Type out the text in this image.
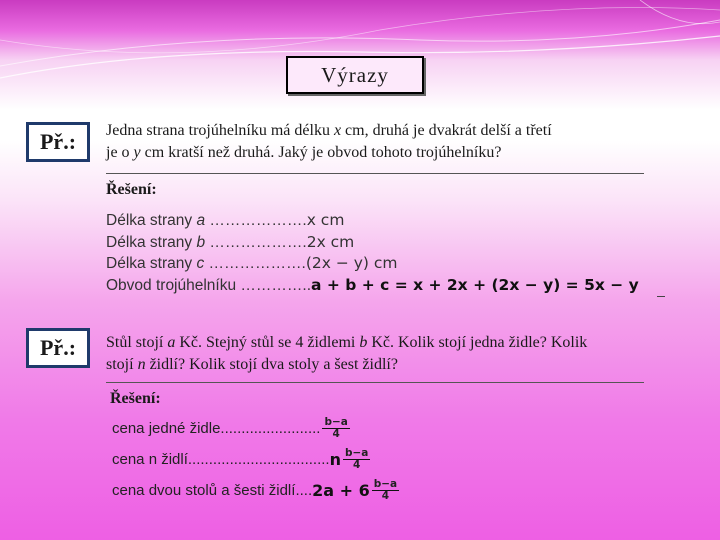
Výrazy
Př.:	Jedna strana trojúhelníku má délku x cm, druhá je dvakrát delší a třetí
je o y cm kratší než druhá. Jaký je obvod tohoto trojúhelníku?
Řešení:
Délka strany a ……………….x cm
Délka strany b ……………….2x cm
Délka strany c ……………….(2x − y) cm
Obvod trojúhelníku …………..a + b + c = x + 2x + (2x − y) = 5x − y
Př.:	Stůl stojí a Kč. Stejný stůl se 4 židlemi b Kč. Kolik stojí jedna židle? Kolik
stojí n židlí? Kolik stojí dva stoly a šest židlí?
Řešení:
cena jedné židle ........................ $\frac{b-a}{4}$
cena n židlí .................................. n $\frac{b-a}{4}$
cena dvou stolů a šesti židlí .... $2a + 6 \frac{b-a}{4}$
